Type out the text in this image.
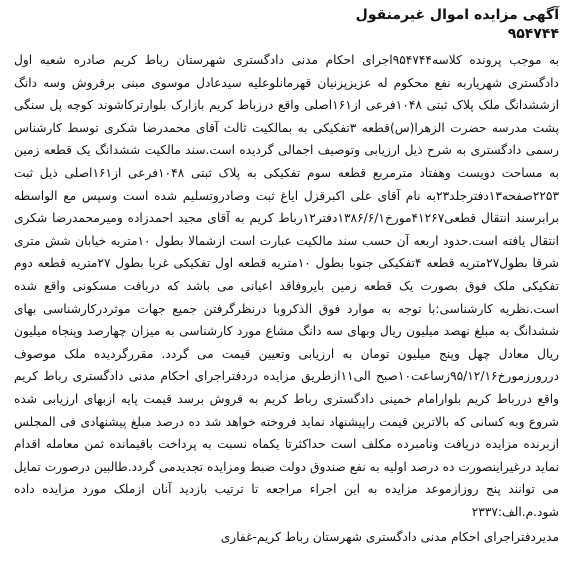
آگهی مزایده اموال غیرمنقول
۹۵۴۷۴۴

به موجب پرونده کلاسه۹۵۴۷۴۴اجرای احکام مدنی دادگستری شهرستان رباط کریم صادره شعبه اول دادگستری شهریاربه نفع محکوم له عزیزپزنیان قهرمانلوعلیه سیدعادل موسوی مبنی برفروش وسه دانگ ازششدانگ ملک پلاک ثبتی ۱۰۴۸فرعی از۱۶۱اصلی واقع درزباط کریم بازارک بلوارترکاشوند کوچه پل سنگی پشت مدرسه حضرت الزهرا(س)قطعه ۳تفکیکی به بمالکیت ثالث آقای محمدرضا شکری توسط کارشناس رسمی دادگستری به شرح ذیل ارزیابی وتوصیف اجمالی گردیده است.سند مالکیت ششدانگ یک قطعه زمین به مساحت دویست وهفتاد مترمربع قطعه سوم تفکیکی به پلاک ثبتی ۱۰۴۸فرعی از۱۶۱اصلی ذیل ثبت ۲۲۵۳صفحه۱۳دفترجلد۲۳به نام آقای علی اکبرقزل ایاغ ثبت وصادروتسلیم شده است وسپس مع الواسطه برابرسند انتقال قطعی۴۱۲۶۷مورخ۱۳۸۶/۶/۱دفتر۱۲رباط کریم به آقای مجید احمدزاده ومیرمحمدرضا شکری انتقال یافته است.حدود اربعه آن حسب سند مالکیت عبارت است ازشمالا بطول ۱۰متریه خیابان شش متری شرقا بطول۲۷متریه قطعه ۴تفکیکی جنوبا بطول ۱۰متریه قطعه اول تفکیکی غربا بطول ۲۷متریه قطعه دوم تفکیکی ملک فوق بصورت یک قطعه زمین بایروفاقد اعیانی می باشد که دربافت مسکونی واقع شده است.نظریه کارشناسی:با توجه به موارد فوق الذکروبا درنظرگرفتن جمیع جهات موثردرکارشناسی بهای ششدانگ به مبلغ نهصد میلیون ریال وبهای سه دانگ مشاع مورد کارشناسی به میزان چهارصد وپنجاه میلیون ریال معادل چهل وپنج میلیون تومان به ارزیابی وتعیین قیمت می گردد. مقررگردیده ملک موصوف دررورزمورخ۹۵/۱۲/۱۶زساعت۱۰صبح الی۱۱ازطریق مزایده دردفتراجرای احکام مدنی دادگستری رباط کریم واقع دررباط کریم بلوارامام خمینی دادگستری رباط کریم به فروش برسد قیمت پایه ازبهای ارزیابی شده شروع وبه کسانی که بالاترین قیمت راپیشنهاد نماید فروخته خواهد شد ده درصد مبلغ پیشنهادی فی المجلس ازبرنده مزایده دریافت ونامبرده مکلف است حداکثرتا یکماه نسبت به پرداخت باقیمانده ثمن معامله اقدام نماید درغیراینصورت ده درصد اولیه به نفع صندوق دولت ضبط ومزایده تجدیدمی گردد.طالبین درصورت تمایل می توانند پنج روزازموعد مزایده به این اجراء مراجعه تا ترتیب بازدید آنان ازملک مورد مزایده داده شود.م.الف:۲۳۳۷

مدیردفتراجرای احکام مدنی دادگستری شهرستان رباط کریم-غفاری
